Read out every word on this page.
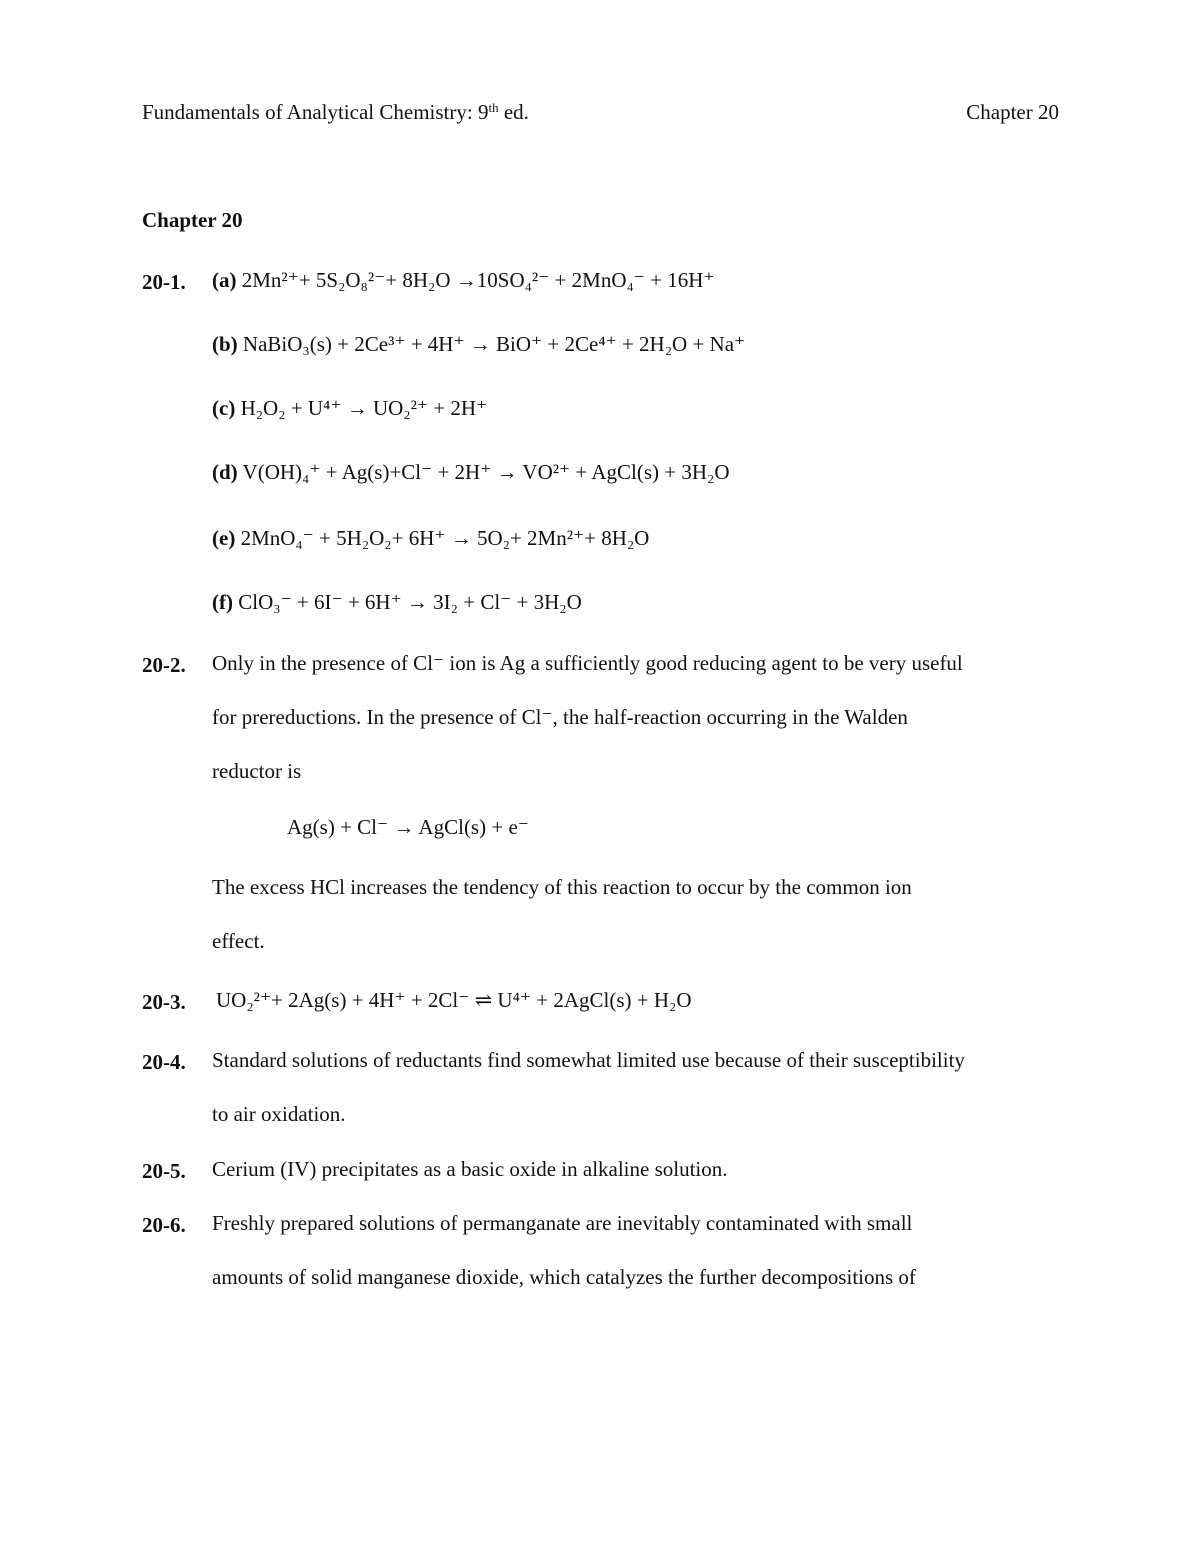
Fundamentals of Analytical Chemistry: 9th ed.	Chapter 20
Chapter 20
20-1. (a) 2Mn²⁺+ 5S₂O₈²⁻+ 8H₂O →10SO₄²⁻ + 2MnO₄⁻ + 16H⁺
(b) NaBiO₃(s) + 2Ce³⁺ + 4H⁺ → BiO⁺ + 2Ce⁴⁺ + 2H₂O + Na⁺
(c) H₂O₂ + U⁴⁺ → UO₂²⁺ + 2H⁺
(d) V(OH)₄⁺ + Ag(s)+Cl⁻ + 2H⁺ → VO²⁺ + AgCl(s) + 3H₂O
(e) 2MnO₄⁻ + 5H₂O₂+ 6H⁺ → 5O₂+ 2Mn²⁺+ 8H₂O
(f) ClO₃⁻ + 6I⁻ + 6H⁺ → 3I₂ + Cl⁻ + 3H₂O
20-2. Only in the presence of Cl⁻ ion is Ag a sufficiently good reducing agent to be very useful
for prereductions. In the presence of Cl⁻, the half-reaction occurring in the Walden
reductor is
Ag(s) + Cl⁻ → AgCl(s) + e⁻
The excess HCl increases the tendency of this reaction to occur by the common ion
effect.
20-3. UO₂²⁺+ 2Ag(s) + 4H⁺ + 2Cl⁻ ⇌ U⁴⁺ + 2AgCl(s) + H₂O
20-4. Standard solutions of reductants find somewhat limited use because of their susceptibility
to air oxidation.
20-5. Cerium (IV) precipitates as a basic oxide in alkaline solution.
20-6. Freshly prepared solutions of permanganate are inevitably contaminated with small
amounts of solid manganese dioxide, which catalyzes the further decompositions of
